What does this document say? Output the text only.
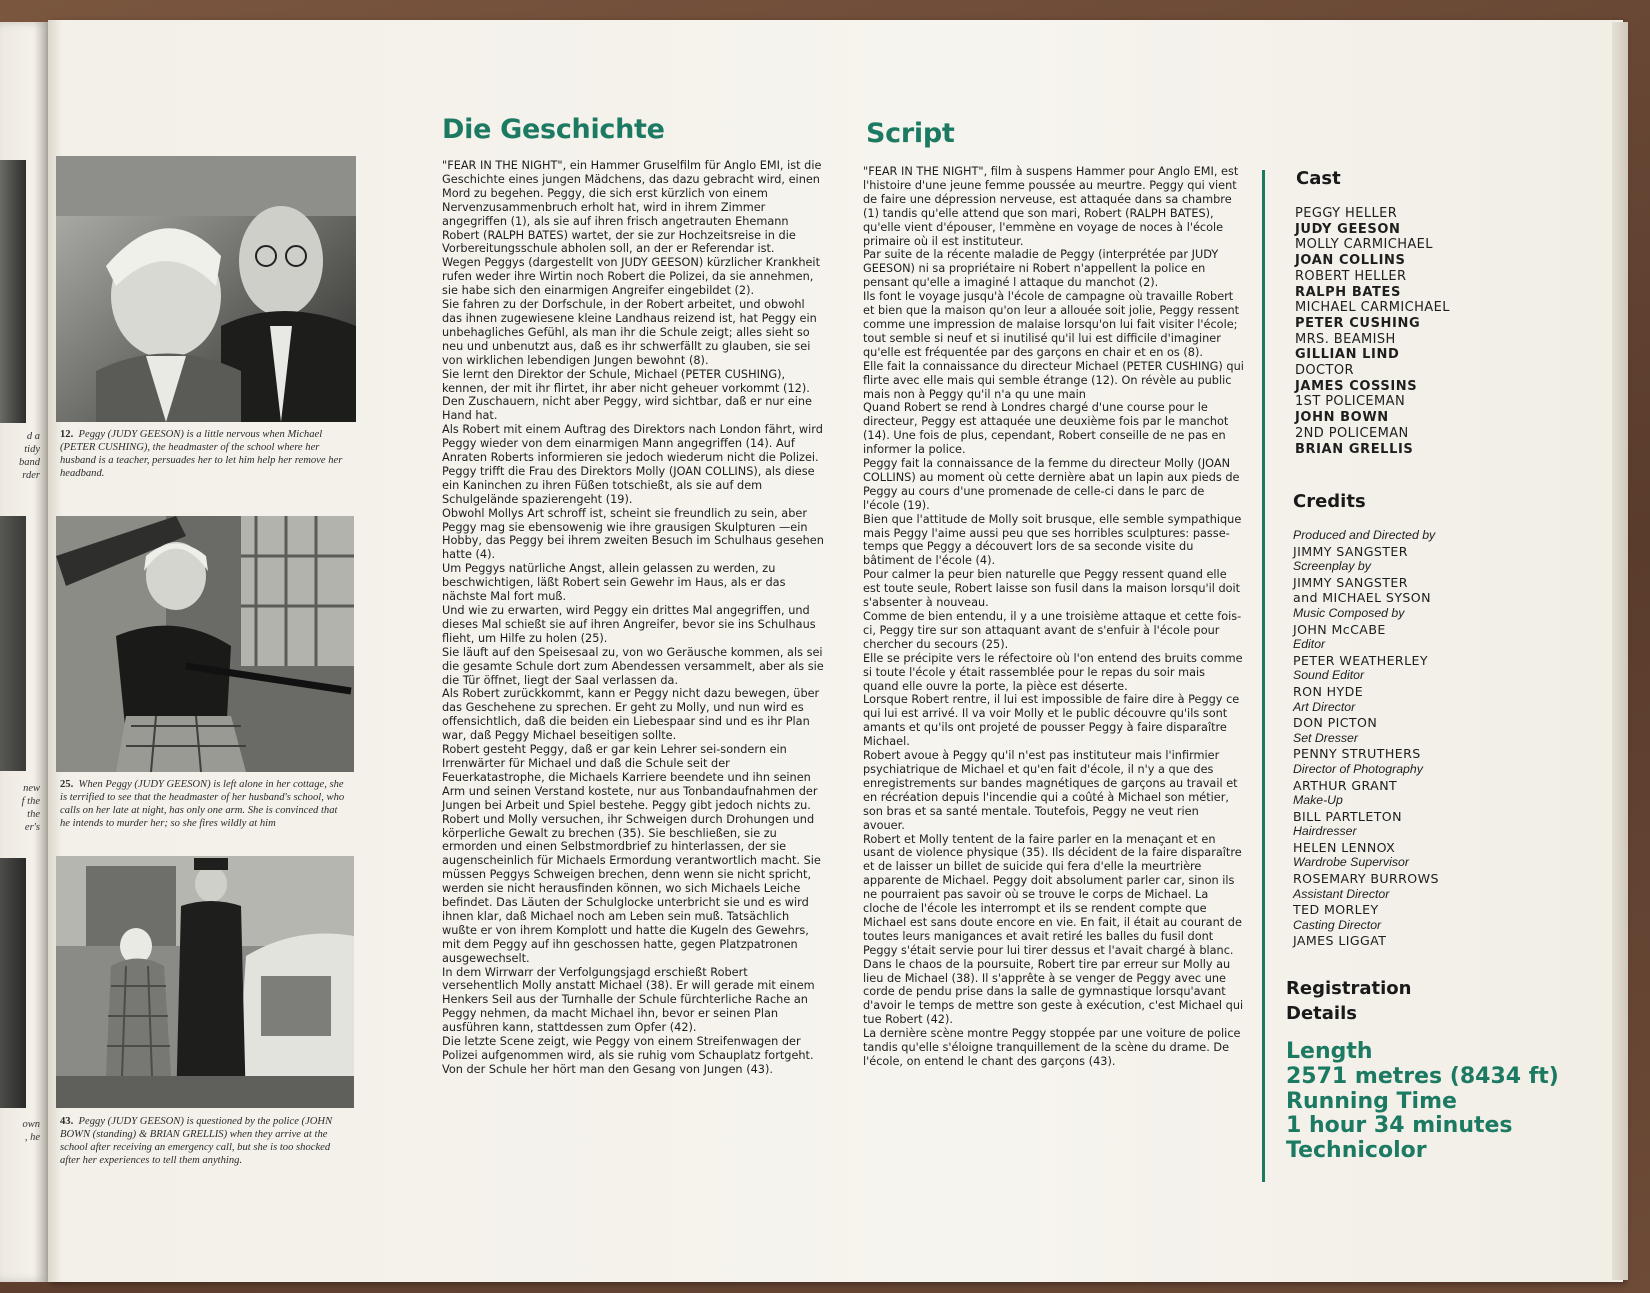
d a
tidy
band
rder
new
f the
the
er's
own
, he
12. Peggy (JUDY GEESON) is a little nervous when Michael (PETER CUSHING), the headmaster of the school where her husband is a teacher, persuades her to let him help her remove her headband.
25. When Peggy (JUDY GEESON) is left alone in her cottage, she is terrified to see that the headmaster of her husband's school, who calls on her late at night, has only one arm. She is convinced that he intends to murder her; so she fires wildly at him
43. Peggy (JUDY GEESON) is questioned by the police (JOHN BOWN (standing) & BRIAN GRELLIS) when they arrive at the school after receiving an emergency call, but she is too shocked after her experiences to tell them anything.
Die Geschichte

"FEAR IN THE NIGHT", ein Hammer Gruselfilm für Anglo EMI, ist die Geschichte eines jungen Mädchens, das dazu gebracht wird, einen Mord zu begehen. Peggy, die sich erst kürzlich von einem Nervenzusammenbruch erholt hat, wird in ihrem Zimmer angegriffen (1), als sie auf ihren frisch angetrauten Ehemann Robert (RALPH BATES) wartet, der sie zur Hochzeitsreise in die Vorbereitungsschule abholen soll, an der er Referendar ist.

Wegen Peggys (dargestellt von JUDY GEESON) kürzlicher Krankheit rufen weder ihre Wirtin noch Robert die Polizei, da sie annehmen, sie habe sich den einarmigen Angreifer eingebildet (2).

Sie fahren zu der Dorfschule, in der Robert arbeitet, und obwohl das ihnen zugewiesene kleine Landhaus reizend ist, hat Peggy ein unbehagliches Gefühl, als man ihr die Schule zeigt; alles sieht so neu und unbenutzt aus, daß es ihr schwerfällt zu glauben, sie sei von wirklichen lebendigen Jungen bewohnt (8).

Sie lernt den Direktor der Schule, Michael (PETER CUSHING), kennen, der mit ihr flirtet, ihr aber nicht geheuer vorkommt (12). Den Zuschauern, nicht aber Peggy, wird sichtbar, daß er nur eine Hand hat.

Als Robert mit einem Auftrag des Direktors nach London fährt, wird Peggy wieder von dem einarmigen Mann angegriffen (14). Auf Anraten Roberts informieren sie jedoch wiederum nicht die Polizei.

Peggy trifft die Frau des Direktors Molly (JOAN COLLINS), als diese ein Kaninchen zu ihren Füßen totschießt, als sie auf dem Schulgelände spazierengeht (19).

Obwohl Mollys Art schroff ist, scheint sie freundlich zu sein, aber Peggy mag sie ebensowenig wie ihre grausigen Skulpturen —ein Hobby, das Peggy bei ihrem zweiten Besuch im Schulhaus gesehen hatte (4).

Um Peggys natürliche Angst, allein gelassen zu werden, zu beschwichtigen, läßt Robert sein Gewehr im Haus, als er das nächste Mal fort muß.

Und wie zu erwarten, wird Peggy ein drittes Mal angegriffen, und dieses Mal schießt sie auf ihren Angreifer, bevor sie ins Schulhaus flieht, um Hilfe zu holen (25).

Sie läuft auf den Speisesaal zu, von wo Geräusche kommen, als sei die gesamte Schule dort zum Abendessen versammelt, aber als sie die Tür öffnet, liegt der Saal verlassen da.

Als Robert zurückkommt, kann er Peggy nicht dazu bewegen, über das Geschehene zu sprechen. Er geht zu Molly, und nun wird es offensichtlich, daß die beiden ein Liebespaar sind und es ihr Plan war, daß Peggy Michael beseitigen sollte.

Robert gesteht Peggy, daß er gar kein Lehrer sei-sondern ein Irrenwärter für Michael und daß die Schule seit der Feuerkatastrophe, die Michaels Karriere beendete und ihn seinen Arm und seinen Verstand kostete, nur aus Tonbandaufnahmen der Jungen bei Arbeit und Spiel bestehe. Peggy gibt jedoch nichts zu.

Robert und Molly versuchen, ihr Schweigen durch Drohungen und körperliche Gewalt zu brechen (35). Sie beschließen, sie zu ermorden und einen Selbstmordbrief zu hinterlassen, der sie augenscheinlich für Michaels Ermordung verantwortlich macht. Sie müssen Peggys Schweigen brechen, denn wenn sie nicht spricht, werden sie nicht herausfinden können, wo sich Michaels Leiche befindet. Das Läuten der Schulglocke unterbricht sie und es wird ihnen klar, daß Michael noch am Leben sein muß. Tatsächlich wußte er von ihrem Komplott und hatte die Kugeln des Gewehrs, mit dem Peggy auf ihn geschossen hatte, gegen Platzpatronen ausgewechselt.

In dem Wirrwarr der Verfolgungsjagd erschießt Robert versehentlich Molly anstatt Michael (38). Er will gerade mit einem Henkers Seil aus der Turnhalle der Schule fürchterliche Rache an Peggy nehmen, da macht Michael ihn, bevor er seinen Plan ausführen kann, stattdessen zum Opfer (42).

Die letzte Scene zeigt, wie Peggy von einem Streifenwagen der Polizei aufgenommen wird, als sie ruhig vom Schauplatz fortgeht. Von der Schule her hört man den Gesang von Jungen (43).

Script

"FEAR IN THE NIGHT", film à suspens Hammer pour Anglo EMI, est l'histoire d'une jeune femme poussée au meurtre. Peggy qui vient de faire une dépression nerveuse, est attaquée dans sa chambre (1) tandis qu'elle attend que son mari, Robert (RALPH BATES), qu'elle vient d'épouser, l'emmène en voyage de noces à l'école primaire où il est instituteur.

Par suite de la récente maladie de Peggy (interprétée par JUDY GEESON) ni sa propriétaire ni Robert n'appellent la police en pensant qu'elle a imaginé l attaque du manchot (2).

Ils font le voyage jusqu'à l'école de campagne où travaille Robert et bien que la maison qu'on leur a allouée soit jolie, Peggy ressent comme une impression de malaise lorsqu'on lui fait visiter l'école; tout semble si neuf et si inutilisé qu'il lui est difficile d'imaginer qu'elle est fréquentée par des garçons en chair et en os (8).

Elle fait la connaissance du directeur Michael (PETER CUSHING) qui flirte avec elle mais qui semble étrange (12). On révèle au public mais non à Peggy qu'il n'a qu une main

Quand Robert se rend à Londres chargé d'une course pour le directeur, Peggy est attaquée une deuxième fois par le manchot (14). Une fois de plus, cependant, Robert conseille de ne pas en informer la police.

Peggy fait la connaissance de la femme du directeur Molly (JOAN COLLINS) au moment où cette dernière abat un lapin aux pieds de Peggy au cours d'une promenade de celle-ci dans le parc de l'école (19).

Bien que l'attitude de Molly soit brusque, elle semble sympathique mais Peggy l'aime aussi peu que ses horribles sculptures: passe-temps que Peggy a découvert lors de sa seconde visite du bâtiment de l'école (4).

Pour calmer la peur bien naturelle que Peggy ressent quand elle est toute seule, Robert laisse son fusil dans la maison lorsqu'il doit s'absenter à nouveau.

Comme de bien entendu, il y a une troisième attaque et cette fois-ci, Peggy tire sur son attaquant avant de s'enfuir à l'école pour chercher du secours (25).

Elle se précipite vers le réfectoire où l'on entend des bruits comme si toute l'école y était rassemblée pour le repas du soir mais quand elle ouvre la porte, la pièce est déserte.

Lorsque Robert rentre, il lui est impossible de faire dire à Peggy ce qui lui est arrivé. Il va voir Molly et le public découvre qu'ils sont amants et qu'ils ont projeté de pousser Peggy à faire disparaître Michael.

Robert avoue à Peggy qu'il n'est pas instituteur mais l'infirmier psychiatrique de Michael et qu'en fait d'école, il n'y a que des enregistrements sur bandes magnétiques de garçons au travail et en récréation depuis l'incendie qui a coûté à Michael son métier, son bras et sa santé mentale. Toutefois, Peggy ne veut rien avouer.

Robert et Molly tentent de la faire parler en la menaçant et en usant de violence physique (35). Ils décident de la faire disparaître et de laisser un billet de suicide qui fera d'elle la meurtrière apparente de Michael. Peggy doit absolument parler car, sinon ils ne pourraient pas savoir où se trouve le corps de Michael. La cloche de l'école les interrompt et ils se rendent compte que Michael est sans doute encore en vie. En fait, il était au courant de toutes leurs manigances et avait retiré les balles du fusil dont Peggy s'était servie pour lui tirer dessus et l'avait chargé à blanc.

Dans le chaos de la poursuite, Robert tire par erreur sur Molly au lieu de Michael (38). Il s'apprête à se venger de Peggy avec une corde de pendu prise dans la salle de gymnastique lorsqu'avant d'avoir le temps de mettre son geste à exécution, c'est Michael qui tue Robert (42).

La dernière scène montre Peggy stoppée par une voiture de police tandis qu'elle s'éloigne tranquillement de la scène du drame. De l'école, on entend le chant des garçons (43).

Cast
PEGGY HELLER
JUDY GEESON
MOLLY CARMICHAEL
JOAN COLLINS
ROBERT HELLER
RALPH BATES
MICHAEL CARMICHAEL
PETER CUSHING
MRS. BEAMISH
GILLIAN LIND
DOCTOR
JAMES COSSINS
1ST POLICEMAN
JOHN BOWN
2ND POLICEMAN
BRIAN GRELLIS
Credits
Produced and Directed by
JIMMY SANGSTER
Screenplay by
JIMMY SANGSTER
and MICHAEL SYSON
Music Composed by
JOHN McCABE
Editor
PETER WEATHERLEY
Sound Editor
RON HYDE
Art Director
DON PICTON
Set Dresser
PENNY STRUTHERS
Director of Photography
ARTHUR GRANT
Make-Up
BILL PARTLETON
Hairdresser
HELEN LENNOX
Wardrobe Supervisor
ROSEMARY BURROWS
Assistant Director
TED MORLEY
Casting Director
JAMES LIGGAT
Registration
Details
Length
2571 metres (8434 ft)
Running Time
1 hour 34 minutes
Technicolor
